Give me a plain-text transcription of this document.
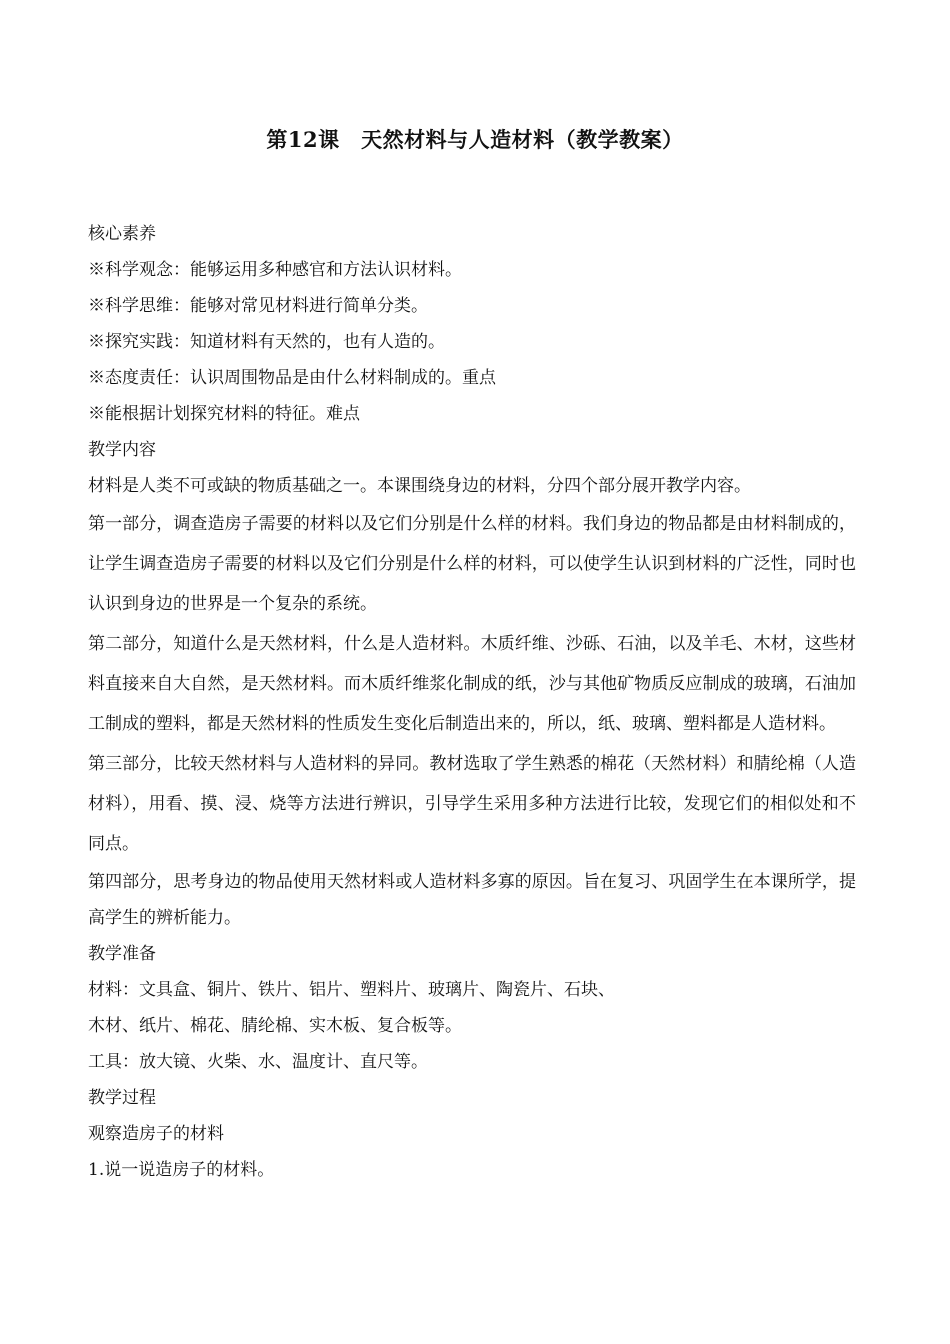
第12课　天然材料与人造材料（教学教案）

核心素养

※科学观念：能够运用多种感官和方法认识材料。

※科学思维：能够对常见材料进行简单分类。

※探究实践：知道材料有天然的，也有人造的。

※态度责任：认识周围物品是由什么材料制成的。重点

※能根据计划探究材料的特征。难点

教学内容

材料是人类不可或缺的物质基础之一。本课围绕身边的材料，分四个部分展开教学内容。

第一部分，调查造房子需要的材料以及它们分别是什么样的材料。我们身边的物品都是由材料制成的，让学生调查造房子需要的材料以及它们分别是什么样的材料，可以使学生认识到材料的广泛性，同时也认识到身边的世界是一个复杂的系统。

第二部分，知道什么是天然材料，什么是人造材料。木质纤维、沙砾、石油，以及羊毛、木材，这些材料直接来自大自然，是天然材料。而木质纤维浆化制成的纸，沙与其他矿物质反应制成的玻璃，石油加工制成的塑料，都是天然材料的性质发生变化后制造出来的，所以，纸、玻璃、塑料都是人造材料。

第三部分，比较天然材料与人造材料的异同。教材选取了学生熟悉的棉花（天然材料）和腈纶棉（人造材料），用看、摸、浸、烧等方法进行辨识，引导学生采用多种方法进行比较，发现它们的相似处和不同点。

第四部分，思考身边的物品使用天然材料或人造材料多寡的原因。旨在复习、巩固学生在本课所学，提高学生的辨析能力。

教学准备

材料：文具盒、铜片、铁片、铝片、塑料片、玻璃片、陶瓷片、石块、

木材、纸片、棉花、腈纶棉、实木板、复合板等。

工具：放大镜、火柴、水、温度计、直尺等。

教学过程

观察造房子的材料

1.说一说造房子的材料。
